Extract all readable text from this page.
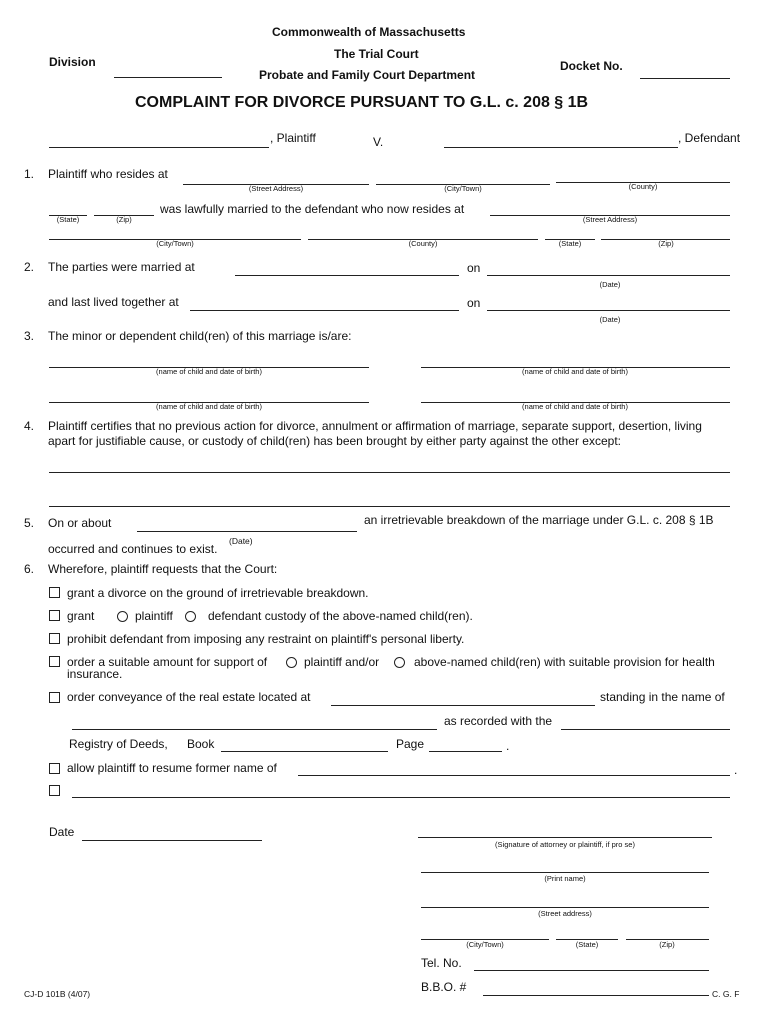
Commonwealth of Massachusetts
The Trial Court
Probate and Family Court Department
Division	Docket No.
COMPLAINT FOR DIVORCE PURSUANT TO G.L. c. 208 § 1B
, Plaintiff	V.	, Defendant
1. Plaintiff who resides at
(Street Address)	(City/Town)	(County)
(State)	(Zip)
was lawfully married to the defendant who now resides at
(Street Address)
(City/Town)	(County)	(State)	(Zip)
2. The parties were married at	on
(Date)
and last lived together at	on
(Date)
3. The minor or dependent child(ren) of this marriage is/are:
(name of child and date of birth)	(name of child and date of birth)
(name of child and date of birth)	(name of child and date of birth)
4. Plaintiff certifies that no previous action for divorce, annulment or affirmation of marriage, separate support, desertion, living
apart for justifiable cause, or custody of child(ren) has been brought by either party against the other except:
5. On or about	an irretrievable breakdown of the marriage under G.L. c. 208 § 1B
occurred and continues to exist.
(Date)
6. Wherefore, plaintiff requests that the Court:
grant a divorce on the ground of irretrievable breakdown.
grant	plaintiff	defendant custody of the above-named child(ren).
prohibit defendant from imposing any restraint on plaintiff's personal liberty.
order a suitable amount for support of	plaintiff and/or	above-named child(ren) with suitable provision for health
insurance.
order conveyance of the real estate located at	standing in the name of
as recorded with the
Registry of Deeds, Book	Page	.
allow plaintiff to resume former name of	.
Date
(Signature of attorney or plaintiff, if pro se)
(Print name)
(Street address)
(City/Town)	(State)	(Zip)
Tel. No.
B.B.O. #
CJ-D 101B (4/07)	C. G. F
